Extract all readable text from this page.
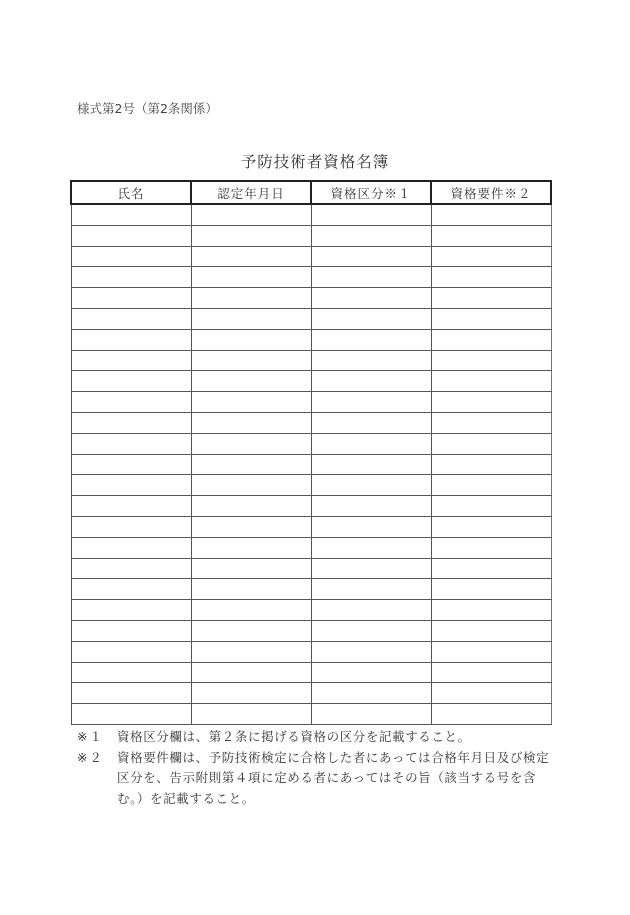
様式第2号（第2条関係）
予防技術者資格名簿
氏名	認定年月日	資格区分※１	資格要件※２

※１	資格区分欄は、第２条に掲げる資格の区分を記載すること。
※２	資格要件欄は、予防技術検定に合格した者にあっては合格年月日及び検定区分を、告示附則第４項に定める者にあってはその旨（該当する号を含む。）を記載すること。
